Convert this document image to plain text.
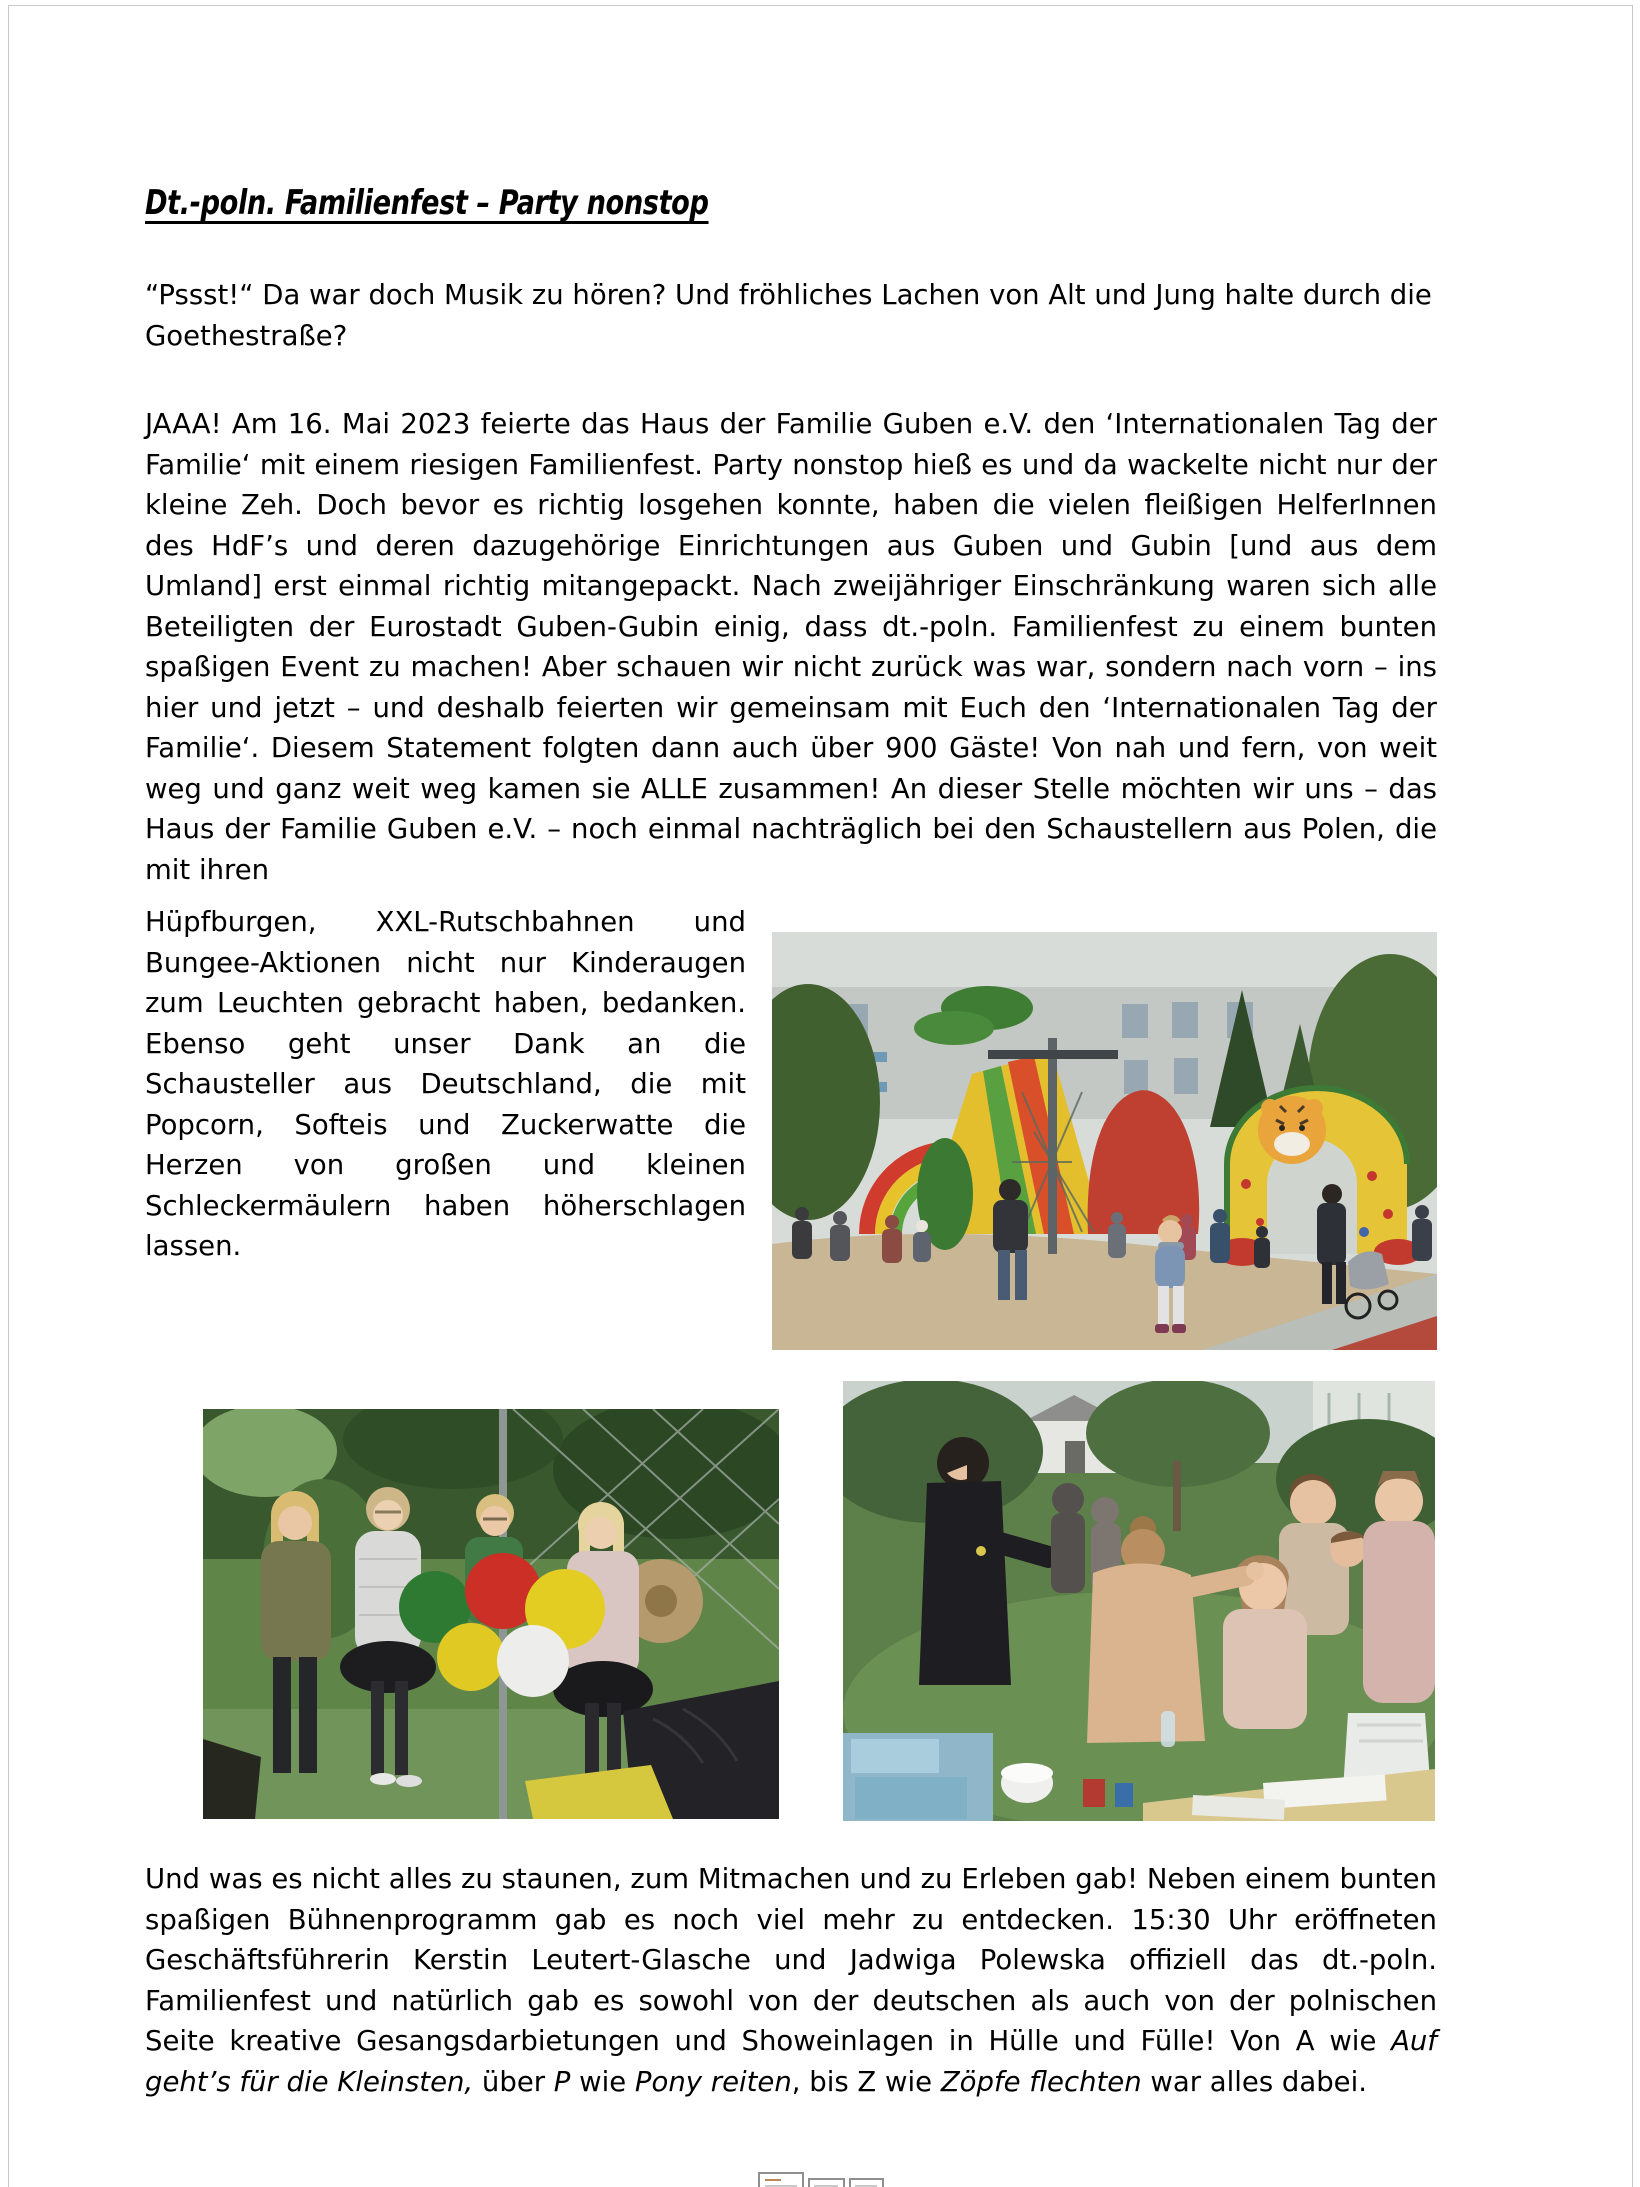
Dt.-poln. Familienfest – Party nonstop

“Pssst!“ Da war doch Musik zu hören? Und fröhliches Lachen von Alt und Jung halte durch die Goethestraße?

JAAA! Am 16. Mai 2023 feierte das Haus der Familie Guben e.V. den ‘Internationalen Tag der Familie‘ mit einem riesigen Familienfest. Party nonstop hieß es und da wackelte nicht nur der kleine Zeh. Doch bevor es richtig losgehen konnte, haben die vielen fleißigen HelferInnen des HdF’s und deren dazugehörige Einrichtungen aus Guben und Gubin [und aus dem Umland] erst einmal richtig mitangepackt. Nach zweijähriger Einschränkung waren sich alle Beteiligten der Eurostadt Guben-Gubin einig, dass dt.-poln. Familienfest zu einem bunten spaßigen Event zu machen! Aber schauen wir nicht zurück was war, sondern nach vorn – ins hier und jetzt – und deshalb feierten wir gemeinsam mit Euch den ‘Internationalen Tag der Familie‘. Diesem Statement folgten dann auch über 900 Gäste! Von nah und fern, von weit weg und ganz weit weg kamen sie ALLE zusammen! An dieser Stelle möchten wir uns – das Haus der Familie Guben e.V. – noch einmal nachträglich bei den Schaustellern aus Polen, die mit ihren

Hüpfburgen, XXL-Rutschbahnen und Bungee-Aktionen nicht nur Kinderaugen zum Leuchten gebracht haben, bedanken. Ebenso geht unser Dank an die Schausteller aus Deutschland, die mit Popcorn, Softeis und Zuckerwatte die Herzen von großen und kleinen Schleckermäulern haben höherschlagen lassen.

Und was es nicht alles zu staunen, zum Mitmachen und zu Erleben gab! Neben einem bunten spaßigen Bühnenprogramm gab es noch viel mehr zu entdecken. 15:30 Uhr eröffneten Geschäftsführerin Kerstin Leutert-Glasche und Jadwiga Polewska offiziell das dt.-poln. Familienfest und natürlich gab es sowohl von der deutschen als auch von der polnischen Seite kreative Gesangsdarbietungen und Showeinlagen in Hülle und Fülle! Von A wie Auf geht’s für die Kleinsten, über P wie Pony reiten, bis Z wie Zöpfe flechten war alles dabei.
